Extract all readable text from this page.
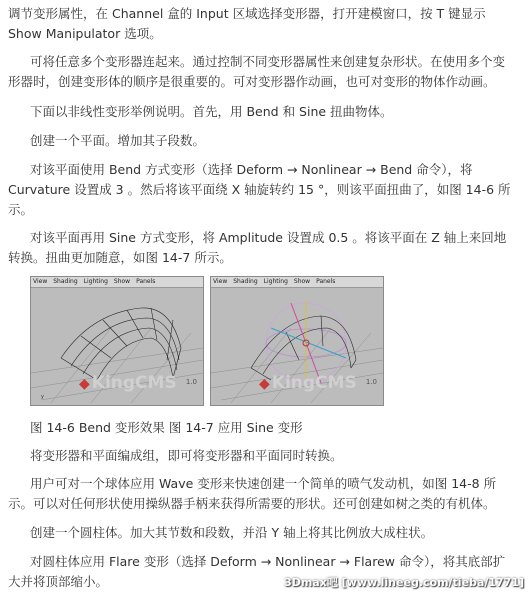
调节变形属性，在 Channel 盒的 Input 区域选择变形器，打开建模窗口，按 T 键显示 Show Manipulator 选项。

可将任意多个变形器连起来。通过控制不同变形器属性来创建复杂形状。在使用多个变形器时，创建变形体的顺序是很重要的。可对变形器作动画，也可对变形的物体作动画。

下面以非线性变形举例说明。首先，用 Bend 和 Sine 扭曲物体。

创建一个平面。增加其子段数。

对该平面使用 Bend 方式变形（选择 Deform → Nonlinear → Bend 命令），将 Curvature 设置成 3 。然后将该平面绕 X 轴旋转约 15 °，则该平面扭曲了，如图 14-6 所示。

对该平面再用 Sine 方式变形，将 Amplitude 设置成 0.5 。将该平面在 Z 轴上来回地转换。扭曲更加随意，如图 14-7 所示。

View Shading Lighting Show Panels
y
◆ KingCMS 1.0
View Shading Lighting Show Panels
◆ KingCMS 1.0

图 14-6 Bend 变形效果 图 14-7 应用 Sine 变形

将变形器和平面编成组，即可将变形器和平面同时转换。

用户可对一个球体应用 Wave 变形来快速创建一个简单的喷气发动机，如图 14-8 所示。可以对任何形状使用操纵器手柄来获得所需要的形状。还可创建如树之类的有机体。

创建一个圆柱体。加大其节数和段数，并沿 Y 轴上将其比例放大成柱状。

对圆柱体应用 Flare 变形（选择 Deform → Nonlinear → Flarew 命令），将其底部扩大并将顶部缩小。	3Dmax吧 [www.lineeg.com/tieba/1771]
